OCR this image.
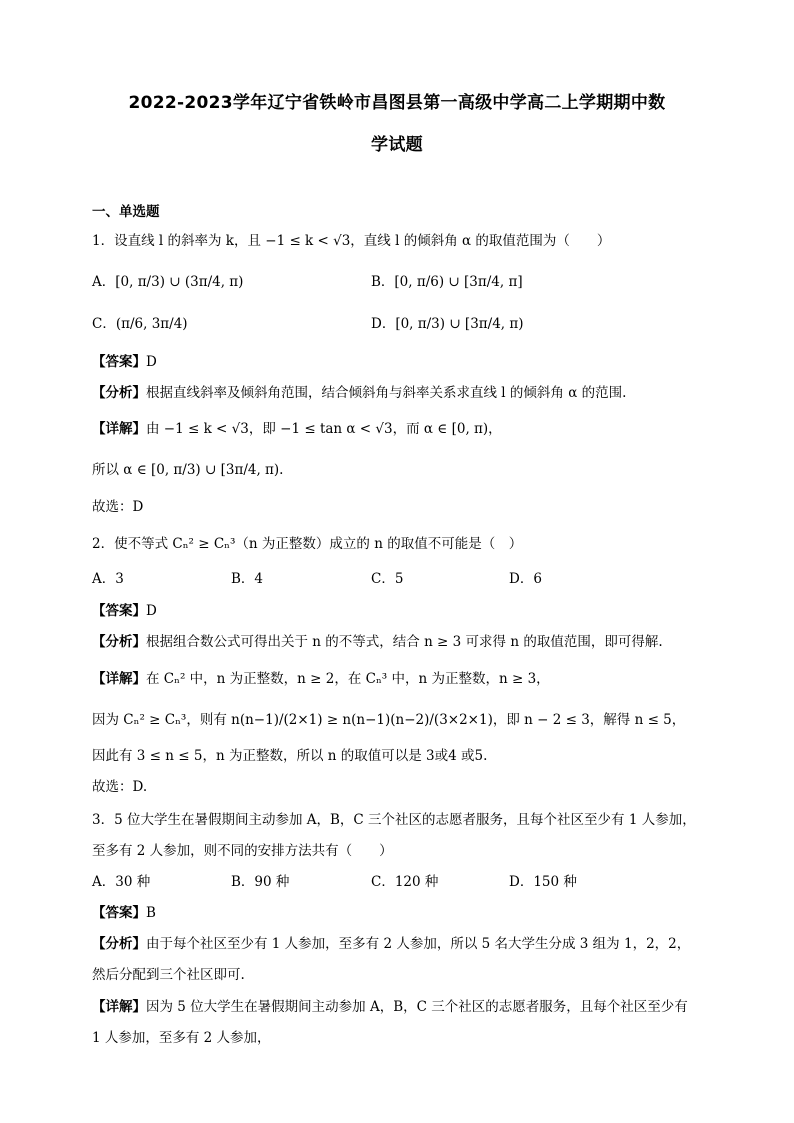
2022-2023学年辽宁省铁岭市昌图县第一高级中学高二上学期期中数
学试题
一、单选题
1．设直线 l 的斜率为 k，且 −1 ≤ k < √3，直线 l 的倾斜角 α 的取值范围为（　　）
A．[0, π/3) ∪ (3π/4, π)	B．[0, π/6) ∪ [3π/4, π]
C．(π/6, 3π/4)	D．[0, π/3) ∪ [3π/4, π)
【答案】D
【分析】根据直线斜率及倾斜角范围，结合倾斜角与斜率关系求直线 l 的倾斜角 α 的范围.
【详解】由 −1 ≤ k < √3，即 −1 ≤ tan α < √3，而 α ∈ [0, π)，
所以 α ∈ [0, π/3) ∪ [3π/4, π).
故选：D
2．使不等式 Cₙ² ≥ Cₙ³（n 为正整数）成立的 n 的取值不可能是（　）
A．3	B．4	C．5	D．6
【答案】D
【分析】根据组合数公式可得出关于 n 的不等式，结合 n ≥ 3 可求得 n 的取值范围，即可得解.
【详解】在 Cₙ² 中，n 为正整数，n ≥ 2，在 Cₙ³ 中，n 为正整数，n ≥ 3，
因为 Cₙ² ≥ Cₙ³，则有 n(n−1)/(2×1) ≥ n(n−1)(n−2)/(3×2×1)，即 n − 2 ≤ 3，解得 n ≤ 5，
因此有 3 ≤ n ≤ 5，n 为正整数，所以 n 的取值可以是 3或4 或5.
故选：D.
3．5 位大学生在暑假期间主动参加 A，B，C 三个社区的志愿者服务，且每个社区至少有 1 人参加，
至多有 2 人参加，则不同的安排方法共有（　　）
A．30 种	B．90 种	C．120 种	D．150 种
【答案】B
【分析】由于每个社区至少有 1 人参加，至多有 2 人参加，所以 5 名大学生分成 3 组为 1，2，2，
然后分配到三个社区即可.
【详解】因为 5 位大学生在暑假期间主动参加 A，B，C 三个社区的志愿者服务，且每个社区至少有
1 人参加，至多有 2 人参加，
